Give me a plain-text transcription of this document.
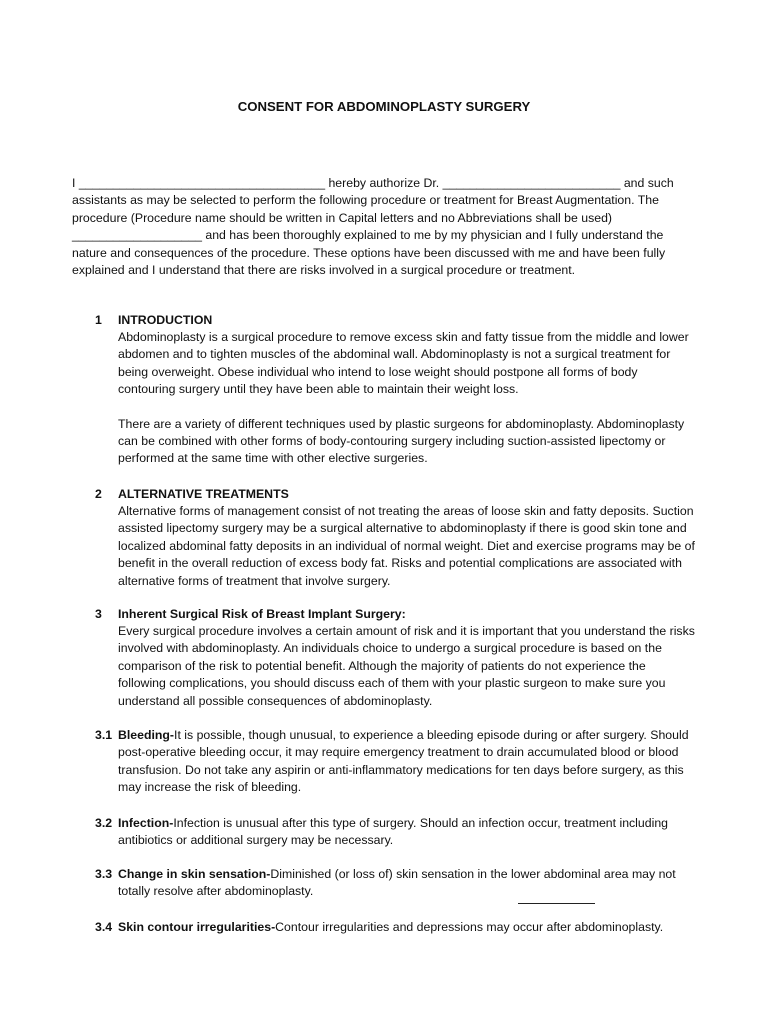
CONSENT FOR ABDOMINOPLASTY SURGERY
I ____________________________________ hereby authorize Dr. __________________________ and such assistants as may be selected to perform the following procedure or treatment for Breast Augmentation. The procedure (Procedure name should be written in Capital letters and no Abbreviations shall be used) ___________________ and has been thoroughly explained to me by my physician and I fully understand the nature and consequences of the procedure. These options have been discussed with me and have been fully explained and I understand that there are risks involved in a surgical procedure or treatment.
1 INTRODUCTION

Abdominoplasty is a surgical procedure to remove excess skin and fatty tissue from the middle and lower abdomen and to tighten muscles of the abdominal wall. Abdominoplasty is not a surgical treatment for being overweight. Obese individual who intend to lose weight should postpone all forms of body contouring surgery until they have been able to maintain their weight loss.

There are a variety of different techniques used by plastic surgeons for abdominoplasty. Abdominoplasty can be combined with other forms of body-contouring surgery including suction-assisted lipectomy or performed at the same time with other elective surgeries.

2 ALTERNATIVE TREATMENTS

Alternative forms of management consist of not treating the areas of loose skin and fatty deposits. Suction assisted lipectomy surgery may be a surgical alternative to abdominoplasty if there is good skin tone and localized abdominal fatty deposits in an individual of normal weight. Diet and exercise programs may be of benefit in the overall reduction of excess body fat. Risks and potential complications are associated with alternative forms of treatment that involve surgery.

3 Inherent Surgical Risk of Breast Implant Surgery:

Every surgical procedure involves a certain amount of risk and it is important that you understand the risks involved with abdominoplasty. An individuals choice to undergo a surgical procedure is based on the comparison of the risk to potential benefit. Although the majority of patients do not experience the following complications, you should discuss each of them with your plastic surgeon to make sure you understand all possible consequences of abdominoplasty.

3.1 Bleeding-It is possible, though unusual, to experience a bleeding episode during or after surgery. Should post-operative bleeding occur, it may require emergency treatment to drain accumulated blood or blood transfusion. Do not take any aspirin or anti-inflammatory medications for ten days before surgery, as this may increase the risk of bleeding.
3.2 Infection-Infection is unusual after this type of surgery. Should an infection occur, treatment including antibiotics or additional surgery may be necessary.
3.3 Change in skin sensation-Diminished (or loss of) skin sensation in the lower abdominal area may not totally resolve after abdominoplasty.
3.4 Skin contour irregularities-Contour irregularities and depressions may occur after abdominoplasty.
